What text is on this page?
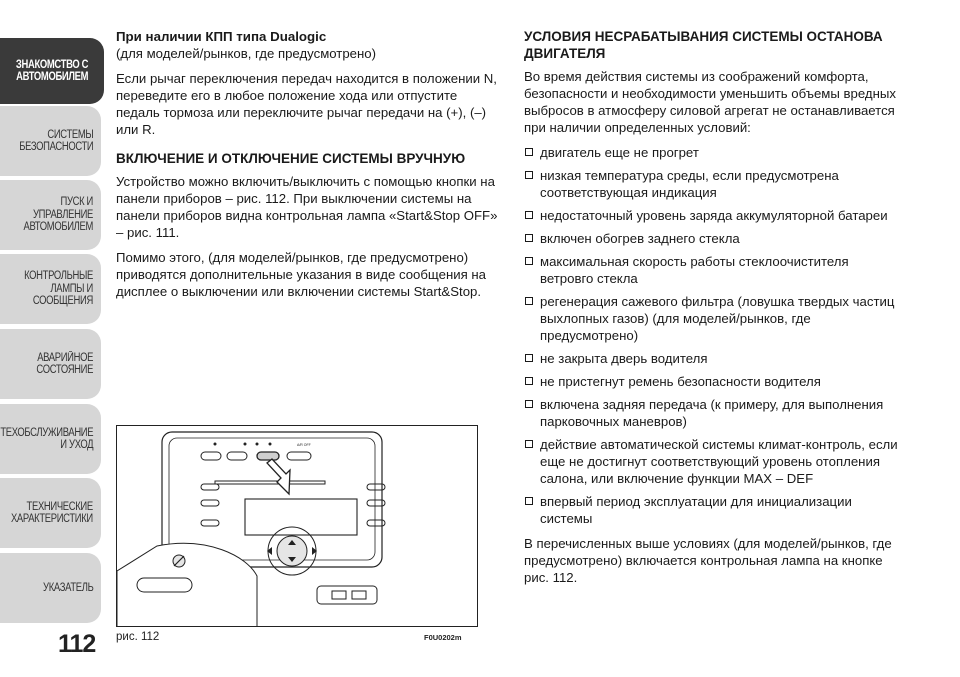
ЗНАКОМСТВО С
АВТОМОБИЛЕМ
СИСТЕМЫ
БЕЗОПАСНОСТИ
ПУСК И УПРАВЛЕНИЕ
АВТОМОБИЛЕМ
КОНТРОЛЬНЫЕ
ЛАМПЫ И
СООБЩЕНИЯ
АВАРИЙНОЕ
СОСТОЯНИЕ
ТЕХОБСЛУЖИВАНИЕ
И УХОД
ТЕХНИЧЕСКИЕ
ХАРАКТЕРИСТИКИ
УКАЗАТЕЛЬ
112
При наличии КПП типа Dualogic
(для моделей/рынков, где предусмотрено)

Если рычаг переключения передач находится в положении N, переведите его в любое положение хода или отпустите педаль тормоза или переключите рычаг передачи на (+), (–) или R.

ВКЛЮЧЕНИЕ И ОТКЛЮЧЕНИЕ СИСТЕМЫ ВРУЧНУЮ

Устройство можно включить/выключить с помощью кнопки на панели приборов – рис. 112. При выключении системы на панели приборов видна контрольная лампа «Start&Stop OFF» – рис. 111.

Помимо этого, (для моделей/рынков, где предусмотрено) приводятся дополнительные указания в виде сообщения на дисплее о выключении или включении системы Start&Stop.

УСЛОВИЯ НЕСРАБАТЫВАНИЯ СИСТЕМЫ ОСТАНОВА ДВИГАТЕЛЯ

Во время действия системы из соображений комфорта, безопасности и необходимости уменьшить объемы вредных выбросов в атмосферу силовой агрегат не останавливается при наличии определенных условий:

двигатель еще не прогрет
низкая температура среды, если предусмотрена соответствующая индикация
недостаточный уровень заряда аккумуляторной батареи
включен обогрев заднего стекла
максимальная скорость работы стеклоочистителя ветровго стекла
регенерация сажевого фильтра (ловушка твердых частиц выхлопных газов) (для моделей/рынков, где предусмотрено)
не закрыта дверь водителя
не пристегнут ремень безопасности водителя
включена задняя передача (к примеру, для выполнения парковочных маневров)
действие автоматической системы климат-контроль, если еще не достигнут соответствующий уровень отопления салона, или включение функции MAX – DEF
впервый период эксплуатации для инициализации системы

В перечисленных выше условиях (для моделей/рынков, где предусмотрено) включается контрольная лампа на кнопке рис. 112.

A/R OFF
рис. 112	F0U0202m
